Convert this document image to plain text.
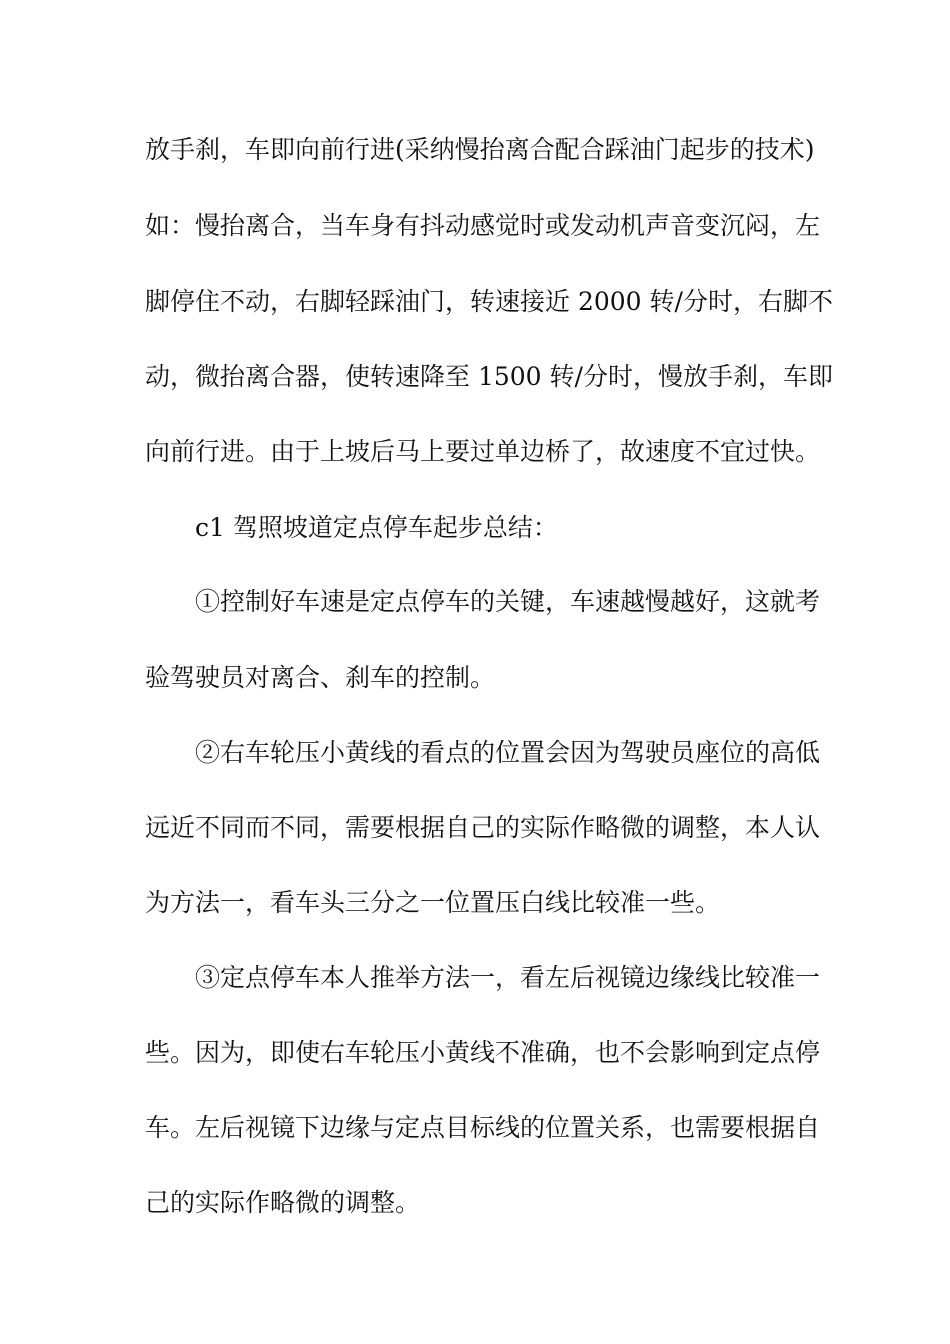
放手刹，车即向前行进(采纳慢抬离合配合踩油门起步的技术)
如：慢抬离合，当车身有抖动感觉时或发动机声音变沉闷，左
脚停住不动，右脚轻踩油门，转速接近 2000 转/分时，右脚不
动，微抬离合器，使转速降至 1500 转/分时，慢放手刹，车即
向前行进。由于上坡后马上要过单边桥了，故速度不宜过快。
c1 驾照坡道定点停车起步总结：
①控制好车速是定点停车的关键，车速越慢越好，这就考
验驾驶员对离合、刹车的控制。
②右车轮压小黄线的看点的位置会因为驾驶员座位的高低
远近不同而不同，需要根据自己的实际作略微的调整，本人认
为方法一，看车头三分之一位置压白线比较准一些。
③定点停车本人推举方法一，看左后视镜边缘线比较准一
些。因为，即使右车轮压小黄线不准确，也不会影响到定点停
车。左后视镜下边缘与定点目标线的位置关系，也需要根据自
己的实际作略微的调整。
